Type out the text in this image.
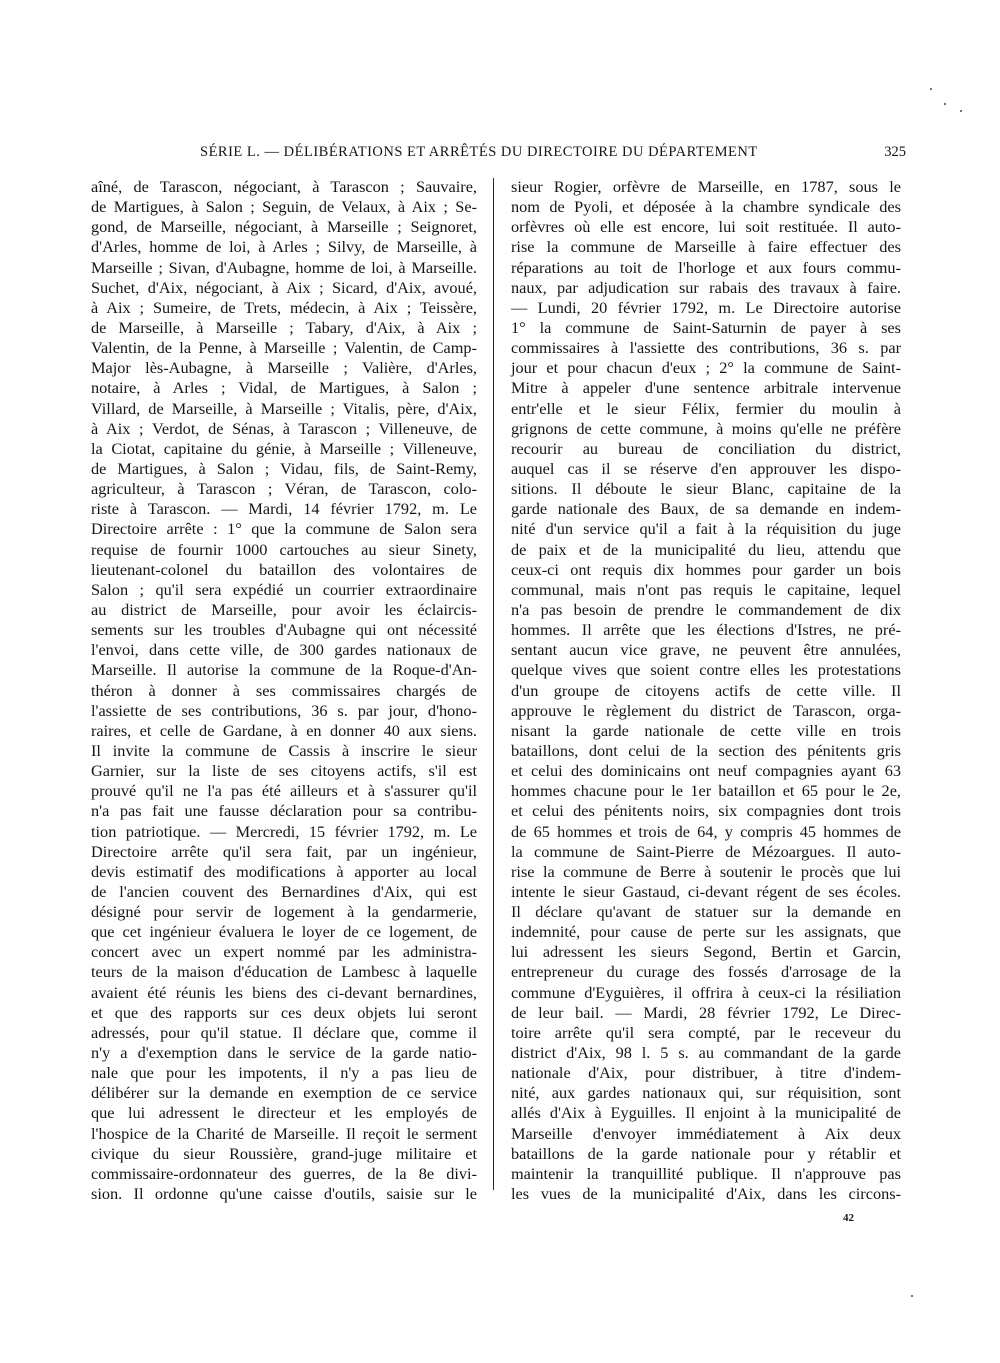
SÉRIE L. — DÉLIBÉRATIONS ET ARRÊTÉS DU DIRECTOIRE DU DÉPARTEMENT	325
aîné, de Tarascon, négociant, à Tarascon ; Sauvaire,
de Martigues, à Salon ; Seguin, de Velaux, à Aix ; Se-
gond, de Marseille, négociant, à Marseille ; Seignoret,
d'Arles, homme de loi, à Arles ; Silvy, de Marseille, à
Marseille ; Sivan, d'Aubagne, homme de loi, à Marseille.
Suchet, d'Aix, négociant, à Aix ; Sicard, d'Aix, avoué,
à Aix ; Sumeire, de Trets, médecin, à Aix ; Teissère,
de Marseille, à Marseille ; Tabary, d'Aix, à Aix ;
Valentin, de la Penne, à Marseille ; Valentin, de Camp-
Major lès-Aubagne, à Marseille ; Valière, d'Arles,
notaire, à Arles ; Vidal, de Martigues, à Salon ;
Villard, de Marseille, à Marseille ; Vitalis, père, d'Aix,
à Aix ; Verdot, de Sénas, à Tarascon ; Villeneuve, de
la Ciotat, capitaine du génie, à Marseille ; Villeneuve,
de Martigues, à Salon ; Vidau, fils, de Saint-Remy,
agriculteur, à Tarascon ; Véran, de Tarascon, colo-
riste à Tarascon. — Mardi, 14 février 1792, m. Le
Directoire arrête : 1° que la commune de Salon sera
requise de fournir 1000 cartouches au sieur Sinety,
lieutenant-colonel du bataillon des volontaires de
Salon ; qu'il sera expédié un courrier extraordinaire
au district de Marseille, pour avoir les éclaircis-
sements sur les troubles d'Aubagne qui ont nécessité
l'envoi, dans cette ville, de 300 gardes nationaux de
Marseille. Il autorise la commune de la Roque-d'An-
théron à donner à ses commissaires chargés de
l'assiette de ses contributions, 36 s. par jour, d'hono-
raires, et celle de Gardane, à en donner 40 aux siens.
Il invite la commune de Cassis à inscrire le sieur
Garnier, sur la liste de ses citoyens actifs, s'il est
prouvé qu'il ne l'a pas été ailleurs et à s'assurer qu'il
n'a pas fait une fausse déclaration pour sa contribu-
tion patriotique. — Mercredi, 15 février 1792, m. Le
Directoire arrête qu'il sera fait, par un ingénieur,
devis estimatif des modifications à apporter au local
de l'ancien couvent des Bernardines d'Aix, qui est
désigné pour servir de logement à la gendarmerie,
que cet ingénieur évaluera le loyer de ce logement, de
concert avec un expert nommé par les administra-
teurs de la maison d'éducation de Lambesc à laquelle
avaient été réunis les biens des ci-devant bernardines,
et que des rapports sur ces deux objets lui seront
adressés, pour qu'il statue. Il déclare que, comme il
n'y a d'exemption dans le service de la garde natio-
nale que pour les impotents, il n'y a pas lieu de
délibérer sur la demande en exemption de ce service
que lui adressent le directeur et les employés de
l'hospice de la Charité de Marseille. Il reçoit le serment
civique du sieur Roussière, grand-juge militaire et
commissaire-ordonnateur des guerres, de la 8e divi-
sion. Il ordonne qu'une caisse d'outils, saisie sur le
sieur Rogier, orfèvre de Marseille, en 1787, sous le
nom de Pyoli, et déposée à la chambre syndicale des
orfèvres où elle est encore, lui soit restituée. Il auto-
rise la commune de Marseille à faire effectuer des
réparations au toit de l'horloge et aux fours commu-
naux, par adjudication sur rabais des travaux à faire.
— Lundi, 20 février 1792, m. Le Directoire autorise
1° la commune de Saint-Saturnin de payer à ses
commissaires à l'assiette des contributions, 36 s. par
jour et pour chacun d'eux ; 2° la commune de Saint-
Mitre à appeler d'une sentence arbitrale intervenue
entr'elle et le sieur Félix, fermier du moulin à
grignons de cette commune, à moins qu'elle ne préfère
recourir au bureau de conciliation du district,
auquel cas il se réserve d'en approuver les dispo-
sitions. Il déboute le sieur Blanc, capitaine de la
garde nationale des Baux, de sa demande en indem-
nité d'un service qu'il a fait à la réquisition du juge
de paix et de la municipalité du lieu, attendu que
ceux-ci ont requis dix hommes pour garder un bois
communal, mais n'ont pas requis le capitaine, lequel
n'a pas besoin de prendre le commandement de dix
hommes. Il arrête que les élections d'Istres, ne pré-
sentant aucun vice grave, ne peuvent être annulées,
quelque vives que soient contre elles les protestations
d'un groupe de citoyens actifs de cette ville. Il
approuve le règlement du district de Tarascon, orga-
nisant la garde nationale de cette ville en trois
bataillons, dont celui de la section des pénitents gris
et celui des dominicains ont neuf compagnies ayant 63
hommes chacune pour le 1er bataillon et 65 pour le 2e,
et celui des pénitents noirs, six compagnies dont trois
de 65 hommes et trois de 64, y compris 45 hommes de
la commune de Saint-Pierre de Mézoargues. Il auto-
rise la commune de Berre à soutenir le procès que lui
intente le sieur Gastaud, ci-devant régent de ses écoles.
Il déclare qu'avant de statuer sur la demande en
indemnité, pour cause de perte sur les assignats, que
lui adressent les sieurs Segond, Bertin et Garcin,
entrepreneur du curage des fossés d'arrosage de la
commune d'Eyguières, il offrira à ceux-ci la résiliation
de leur bail. — Mardi, 28 février 1792, Le Direc-
toire arrête qu'il sera compté, par le receveur du
district d'Aix, 98 l. 5 s. au commandant de la garde
nationale d'Aix, pour distribuer, à titre d'indem-
nité, aux gardes nationaux qui, sur réquisition, sont
allés d'Aix à Eyguilles. Il enjoint à la municipalité de
Marseille d'envoyer immédiatement à Aix deux
bataillons de la garde nationale pour y rétablir et
maintenir la tranquillité publique. Il n'approuve pas
les vues de la municipalité d'Aix, dans les circons-
42
